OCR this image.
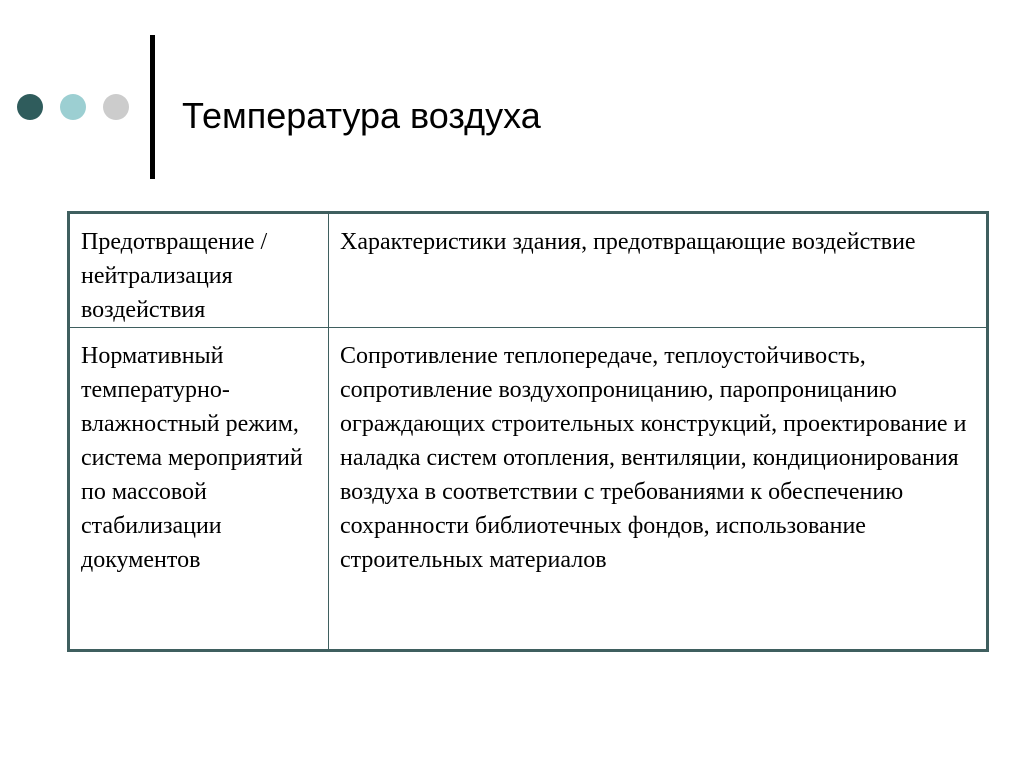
Температура воздуха
Предотвращение /нейтрализация воздействия	Характеристики здания, предотвращающие воздействие
Нормативный температурно-влажностный режим, система мероприятий по массовой стабилизации документов	Сопротивление теплопередаче, теплоустойчивость, сопротивление воздухопроницанию, паропроницанию ограждающих строительных конструкций, проектирование и наладка систем отопления, вентиляции, кондиционирования воздуха в соответствии с требованиями к обеспечению сохранности библиотечных фондов, использование строительных материалов
